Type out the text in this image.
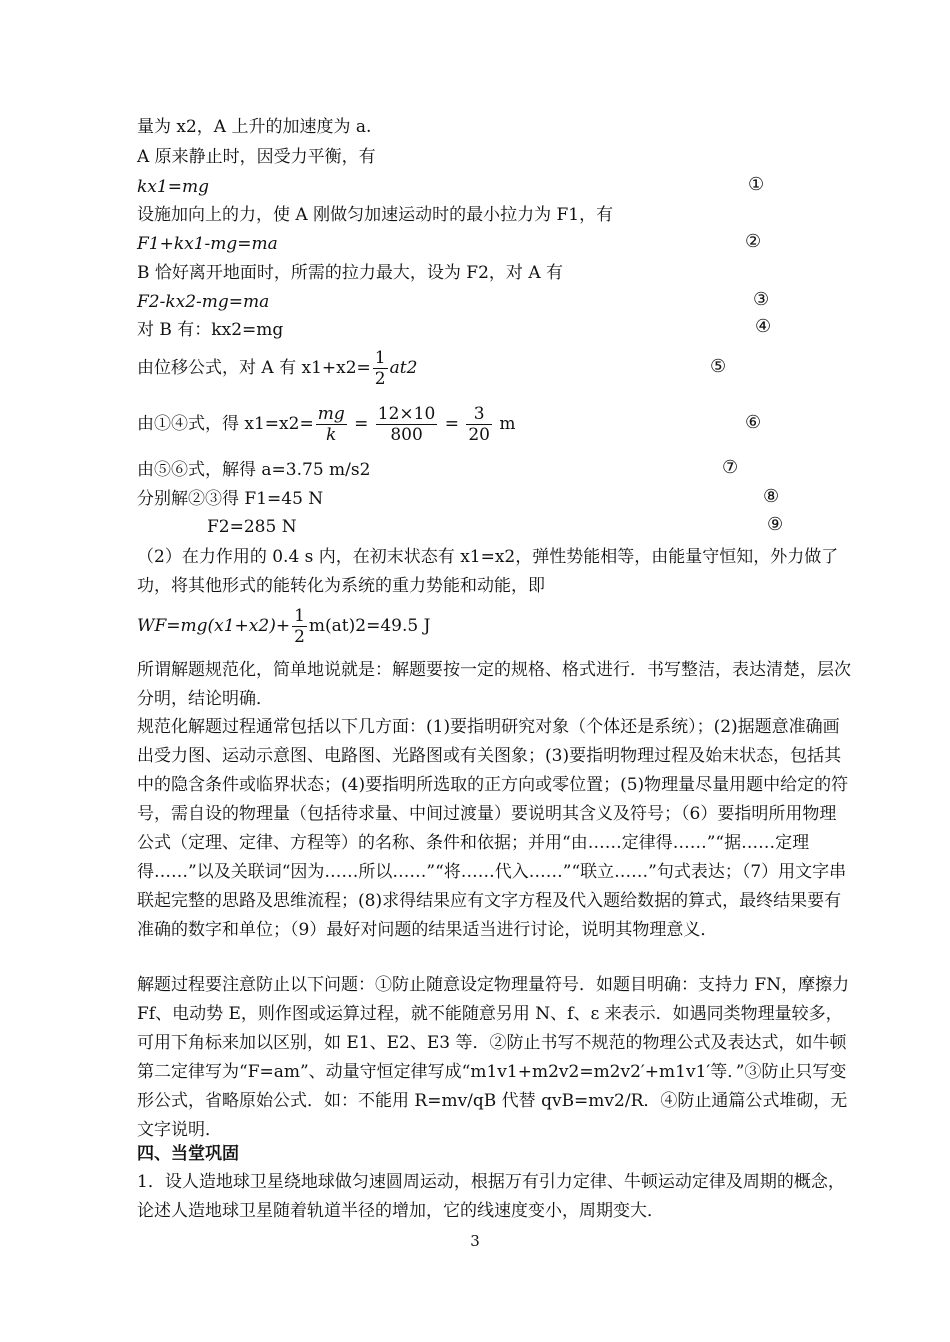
量为 x2，A 上升的加速度为 a.
A 原来静止时，因受力平衡，有
kx1=mg	①
设施加向上的力，使 A 刚做匀加速运动时的最小拉力为 F1，有
F1+kx1-mg=ma	②
B 恰好离开地面时，所需的拉力最大，设为 F2，对 A 有
F2-kx2-mg=ma	③
对 B 有：kx2=mg	④
由位移公式，对 A 有 $x1+x2= \frac{1}{2} at2$	⑤
由①④式，得 $x1=x2= \frac{mg}{k} = \frac{12\times 10}{800} = \frac{3}{20}$ m	⑥
由⑤⑥式，解得 a=3.75 m/s2	⑦
分别解②③得 F1=45 N	⑧
F2=285 N	⑨
（2）在力作用的 0.4 s 内，在初末状态有 x1=x2，弹性势能相等，由能量守恒知，外力做了功，将其他形式的能转化为系统的重力势能和动能，即
$WF=mg(x1+x2)+ \frac{1}{2} m(at)2=49.5$ J
所谓解题规范化，简单地说就是：解题要按一定的规格、格式进行．书写整洁，表达清楚，层次分明，结论明确．
规范化解题过程通常包括以下几方面：(1)要指明研究对象（个体还是系统）；(2)据题意准确画出受力图、运动示意图、电路图、光路图或有关图象；(3)要指明物理过程及始末状态，包括其中的隐含条件或临界状态；(4)要指明所选取的正方向或零位置；(5)物理量尽量用题中给定的符号，需自设的物理量（包括待求量、中间过渡量）要说明其含义及符号；（6）要指明所用物理公式（定理、定律、方程等）的名称、条件和依据；并用“由……定律得……”“据……定理得……”以及关联词“因为……所以……”“将……代入……”“联立……”句式表达；（7）用文字串联起完整的思路及思维流程；(8)求得结果应有文字方程及代入题给数据的算式，最终结果要有准确的数字和单位；（9）最好对问题的结果适当进行讨论，说明其物理意义．
解题过程要注意防止以下问题：①防止随意设定物理量符号．如题目明确：支持力 FN，摩擦力 Ff、电动势 E，则作图或运算过程，就不能随意另用 N、f、ε 来表示．如遇同类物理量较多，可用下角标来加以区别，如 E1、E2、E3 等．②防止书写不规范的物理公式及表达式，如牛顿第二定律写为“F=am”、动量守恒定律写成“m1v1+m2v2=m2v2′+m1v1′等．”③防止只写变形公式，省略原始公式．如：不能用 R=mv/qB 代替 qvB=mv2/R．④防止通篇公式堆砌，无文字说明．
四、当堂巩固
1．设人造地球卫星绕地球做匀速圆周运动，根据万有引力定律、牛顿运动定律及周期的概念，论述人造地球卫星随着轨道半径的增加，它的线速度变小，周期变大．
3
